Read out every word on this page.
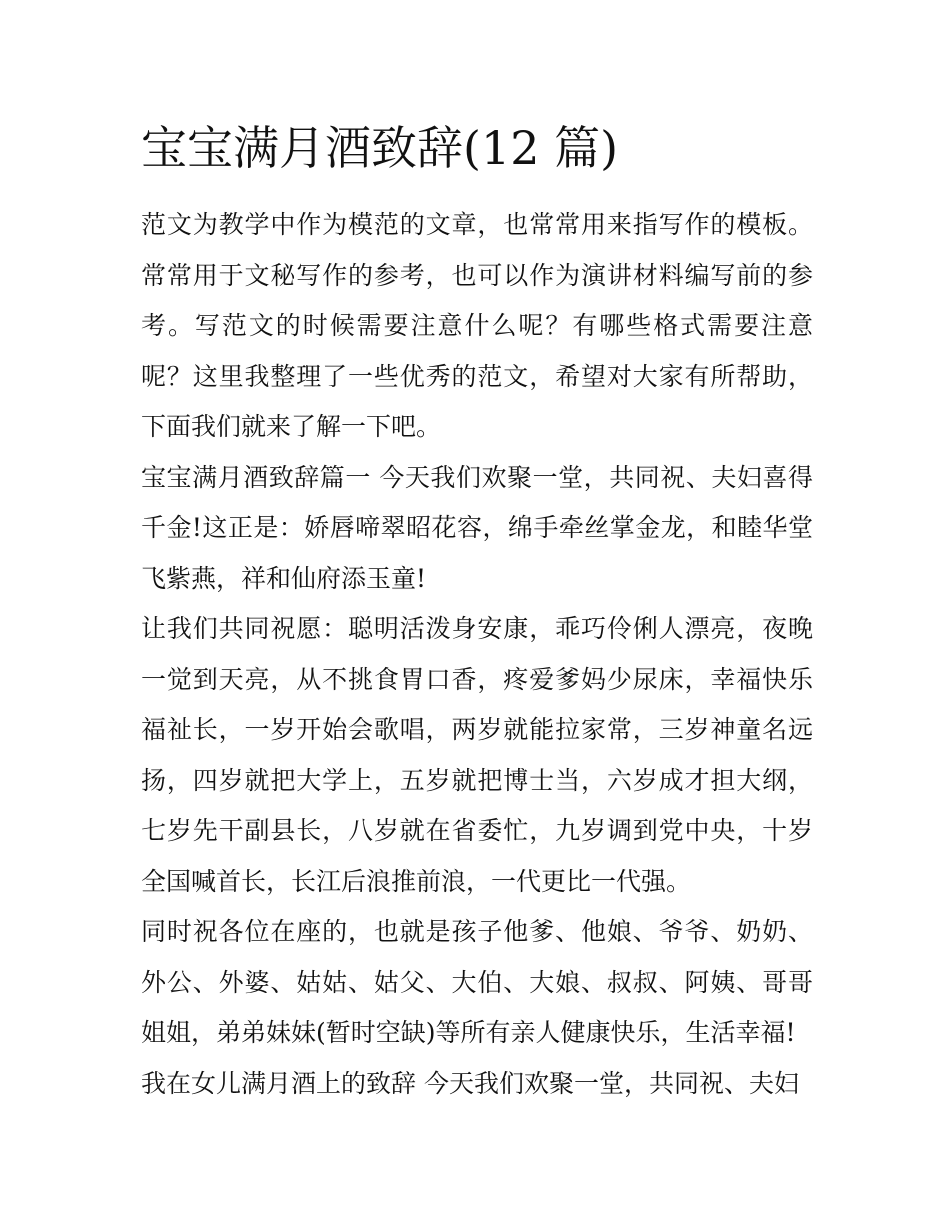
宝宝满月酒致辞(12 篇)

范文为教学中作为模范的文章，也常常用来指写作的模板。常常用于文秘写作的参考，也可以作为演讲材料编写前的参考。写范文的时候需要注意什么呢？有哪些格式需要注意呢？这里我整理了一些优秀的范文，希望对大家有所帮助，下面我们就来了解一下吧。

宝宝满月酒致辞篇一 今天我们欢聚一堂，共同祝、夫妇喜得千金!这正是：娇唇啼翠昭花容，绵手牵丝掌金龙，和睦华堂飞紫燕，祥和仙府添玉童!

让我们共同祝愿：聪明活泼身安康，乖巧伶俐人漂亮，夜晚一觉到天亮，从不挑食胃口香，疼爱爹妈少尿床，幸福快乐福祉长，一岁开始会歌唱，两岁就能拉家常，三岁神童名远扬，四岁就把大学上，五岁就把博士当，六岁成才担大纲，七岁先干副县长，八岁就在省委忙，九岁调到党中央，十岁全国喊首长，长江后浪推前浪，一代更比一代强。

同时祝各位在座的，也就是孩子他爹、他娘、爷爷、奶奶、外公、外婆、姑姑、姑父、大伯、大娘、叔叔、阿姨、哥哥姐姐，弟弟妹妹(暂时空缺)等所有亲人健康快乐，生活幸福!

我在女儿满月酒上的致辞 今天我们欢聚一堂，共同祝、夫妇
